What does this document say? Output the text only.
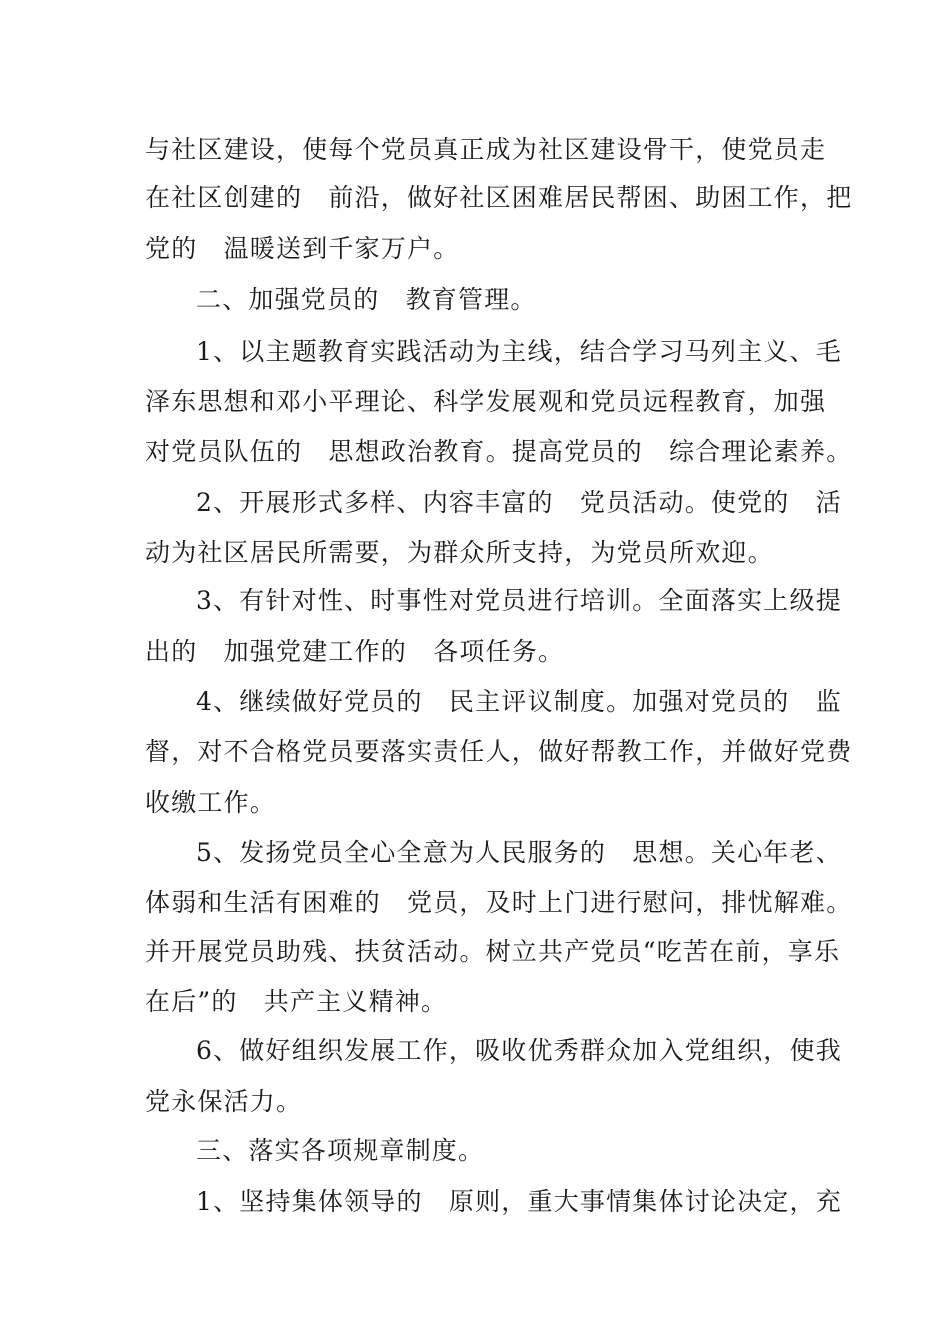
与社区建设，使每个党员真正成为社区建设骨干，使党员走
在社区创建的　前沿，做好社区困难居民帮困、助困工作，把
党的　温暖送到千家万户。
二、加强党员的　教育管理。
1、以主题教育实践活动为主线，结合学习马列主义、毛
泽东思想和邓小平理论、科学发展观和党员远程教育，加强
对党员队伍的　思想政治教育。提高党员的　综合理论素养。
2、开展形式多样、内容丰富的　党员活动。使党的　活
动为社区居民所需要，为群众所支持，为党员所欢迎。
3、有针对性、时事性对党员进行培训。全面落实上级提
出的　加强党建工作的　各项任务。
4、继续做好党员的　民主评议制度。加强对党员的　监
督，对不合格党员要落实责任人，做好帮教工作，并做好党费
收缴工作。
5、发扬党员全心全意为人民服务的　思想。关心年老、
体弱和生活有困难的　党员，及时上门进行慰问，排忧解难。
并开展党员助残、扶贫活动。树立共产党员“吃苦在前，享乐
在后”的　共产主义精神。
6、做好组织发展工作，吸收优秀群众加入党组织，使我
党永保活力。
三、落实各项规章制度。
1、坚持集体领导的　原则，重大事情集体讨论决定，充
